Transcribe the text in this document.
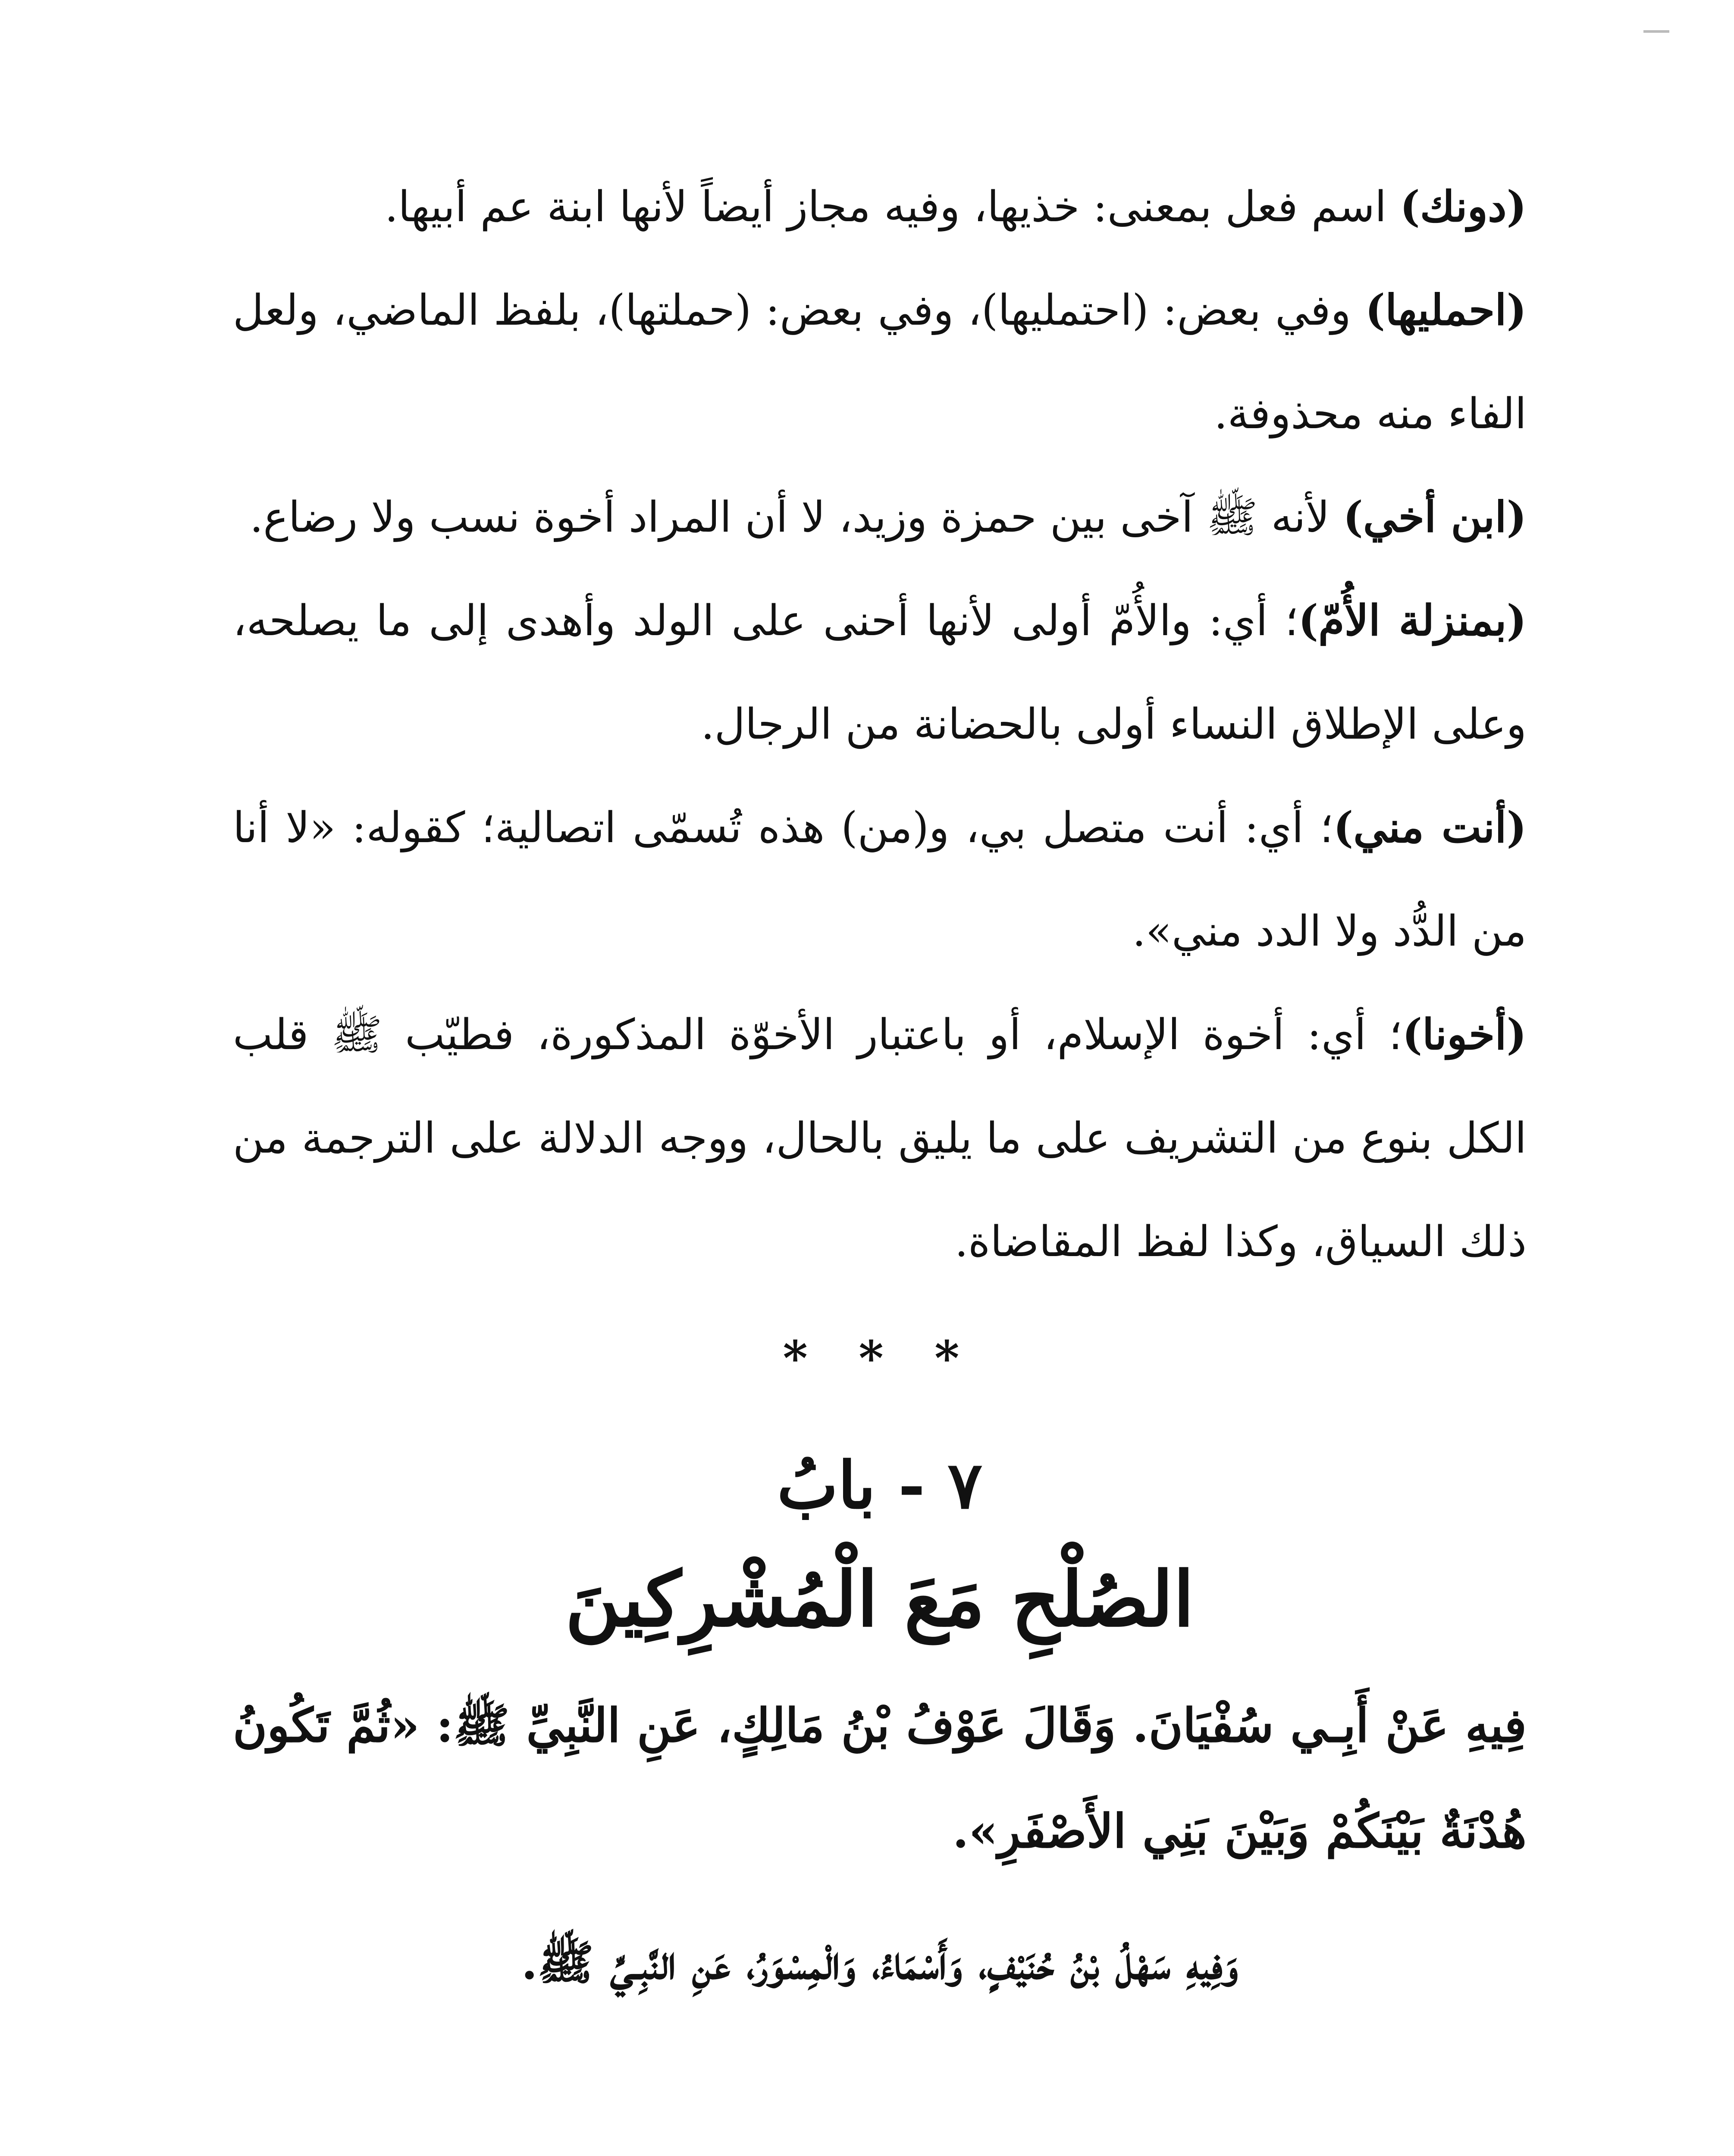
(دونك) اسم فعل بمعنى: خذيها، وفيه مجاز أيضاً لأنها ابنة عم أبيها.

(احمليها) وفي بعض: (احتمليها)، وفي بعض: (حملتها)، بلفظ الماضي، ولعل الفاء منه محذوفة.

(ابن أخي) لأنه ﷺ آخى بين حمزة وزيد، لا أن المراد أخوة نسب ولا رضاع.

(بمنزلة الأُمّ)؛ أي: والأُمّ أولى لأنها أحنى على الولد وأهدى إلى ما يصلحه، وعلى الإطلاق النساء أولى بالحضانة من الرجال.

(أنت مني)؛ أي: أنت متصل بي، و(من) هذه تُسمّى اتصالية؛ كقوله: «لا أنا من الدُّد ولا الدد مني».

(أخونا)؛ أي: أخوة الإسلام، أو باعتبار الأخوّة المذكورة، فطيّب ﷺ قلب الكل بنوع من التشريف على ما يليق بالحال، ووجه الدلالة على الترجمة من ذلك السياق، وكذا لفظ المقاضاة.

* * *
٧ - بابُ
الصُلْحِ مَعَ الْمُشْرِكِينَ

فِيهِ عَنْ أَبِـي سُفْيَانَ. وَقَالَ عَوْفُ بْنُ مَالِكٍ، عَنِ النَّبِيِّ ﷺ: «ثُمَّ تَكُونُ هُدْنَةٌ بَيْنَكُمْ وَبَيْنَ بَنِي الأَصْفَرِ».

وَفِيهِ سَهْلُ بْنُ حُنَيْفٍ، وَأَسْمَاءُ، وَالْمِسْوَرُ، عَنِ النَّبِـيِّ ﷺ.
